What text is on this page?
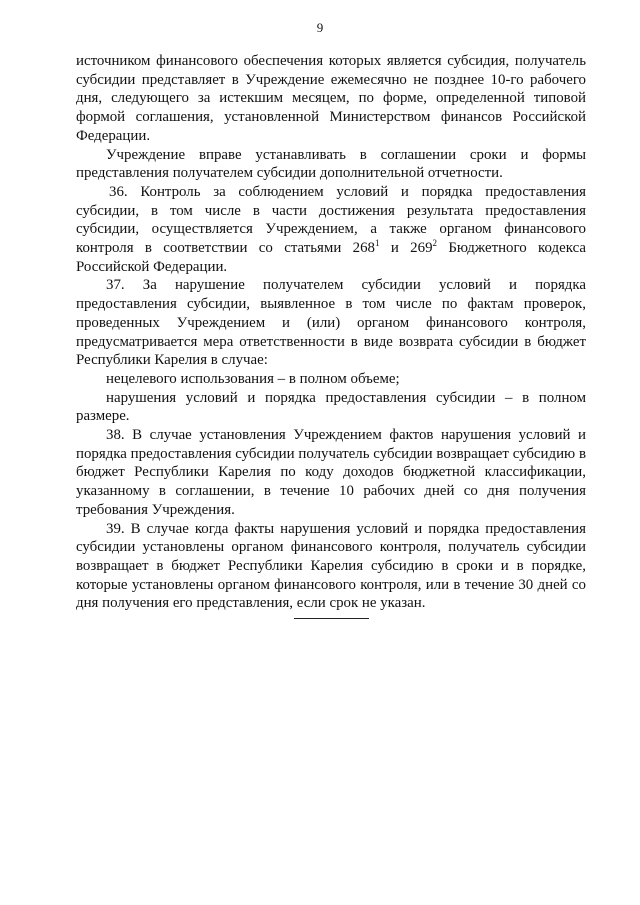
9

источником финансового обеспечения которых является субсидия, получатель субсидии представляет в Учреждение ежемесячно не позднее 10-го рабочего дня, следующего за истекшим месяцем, по форме, определенной типовой формой соглашения, установленной Министерством финансов Российской Федерации.

Учреждение вправе устанавливать в соглашении сроки и формы представления получателем субсидии дополнительной отчетности.

36. Контроль за соблюдением условий и порядка предоставления субсидии, в том числе в части достижения результата предоставления субсидии, осуществляется Учреждением, а также органом финансового контроля в соответствии со статьями $268^1$ и $269^2$ Бюджетного кодекса Российской Федерации.

37. За нарушение получателем субсидии условий и порядка предоставления субсидии, выявленное в том числе по фактам проверок, проведенных Учреждением и (или) органом финансового контроля, предусматривается мера ответственности в виде возврата субсидии в бюджет Республики Карелия в случае:

нецелевого использования – в полном объеме;

нарушения условий и порядка предоставления субсидии – в полном размере.

38. В случае установления Учреждением фактов нарушения условий и порядка предоставления субсидии получатель субсидии возвращает субсидию в бюджет Республики Карелия по коду доходов бюджетной классификации, указанному в соглашении, в течение 10 рабочих дней со дня получения требования Учреждения.

39. В случае когда факты нарушения условий и порядка предоставления субсидии установлены органом финансового контроля, получатель субсидии возвращает в бюджет Республики Карелия субсидию в сроки и в порядке, которые установлены органом финансового контроля, или в течение 30 дней со дня получения его представления, если срок не указан.
